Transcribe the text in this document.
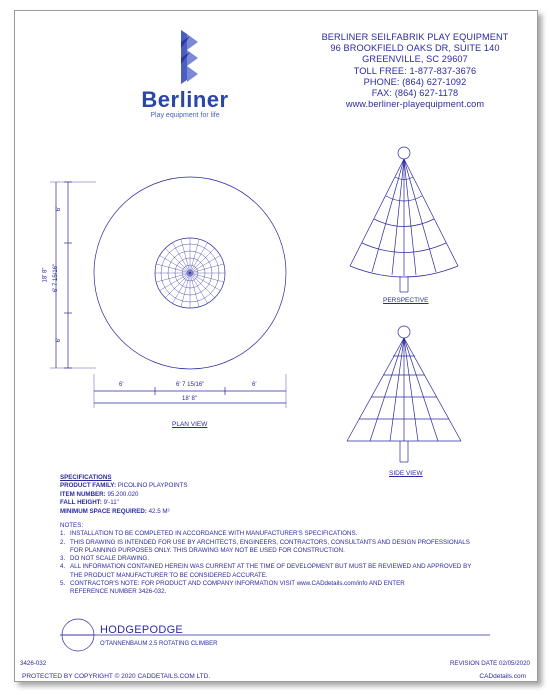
Berliner
Play equipment for life
BERLINER SEILFABRIK PLAY EQUIPMENT
96 BROOKFIELD OAKS DR, SUITE 140
GREENVILLE, SC 29607
TOLL FREE: 1-877-837-3676
PHONE: (864) 627-1092
FAX: (864) 627-1178
www.berliner-playequipment.com
6'
6' 7 15/16"
6'
18' 8"
6'	6' 7 15/16"	6'
18' 8"
PLAN VIEW
PERSPECTIVE
SIDE VIEW
SPECIFICATIONS
PRODUCT FAMILY: PICOLINO PLAYPOINTS
ITEM NUMBER: 95.200.020
FALL HEIGHT: 9'-11"
MINIMUM SPACE REQUIRED: 42.5 M²
NOTES:
1. INSTALLATION TO BE COMPLETED IN ACCORDANCE WITH MANUFACTURER'S SPECIFICATIONS.
2. THIS DRAWING IS INTENDED FOR USE BY ARCHITECTS, ENGINEERS, CONTRACTORS, CONSULTANTS AND DESIGN PROFESSIONALS
FOR PLANNING PURPOSES ONLY. THIS DRAWING MAY NOT BE USED FOR CONSTRUCTION.
3. DO NOT SCALE DRAWING.
4. ALL INFORMATION CONTAINED HEREIN WAS CURRENT AT THE TIME OF DEVELOPMENT BUT MUST BE REVIEWED AND APPROVED BY
THE PRODUCT MANUFACTURER TO BE CONSIDERED ACCURATE.
5. CONTRACTOR'S NOTE: FOR PRODUCT AND COMPANY INFORMATION VISIT www.CADdetails.com/info AND ENTER
REFERENCE NUMBER 3426-032.
HODGEPODGE
O'TANNENBAUM 2.5 ROTATING CLIMBER
3426-032	REVISION DATE 02/05/2020
PROTECTED BY COPYRIGHT © 2020 CADDETAILS.COM LTD.	CADdetails.com
